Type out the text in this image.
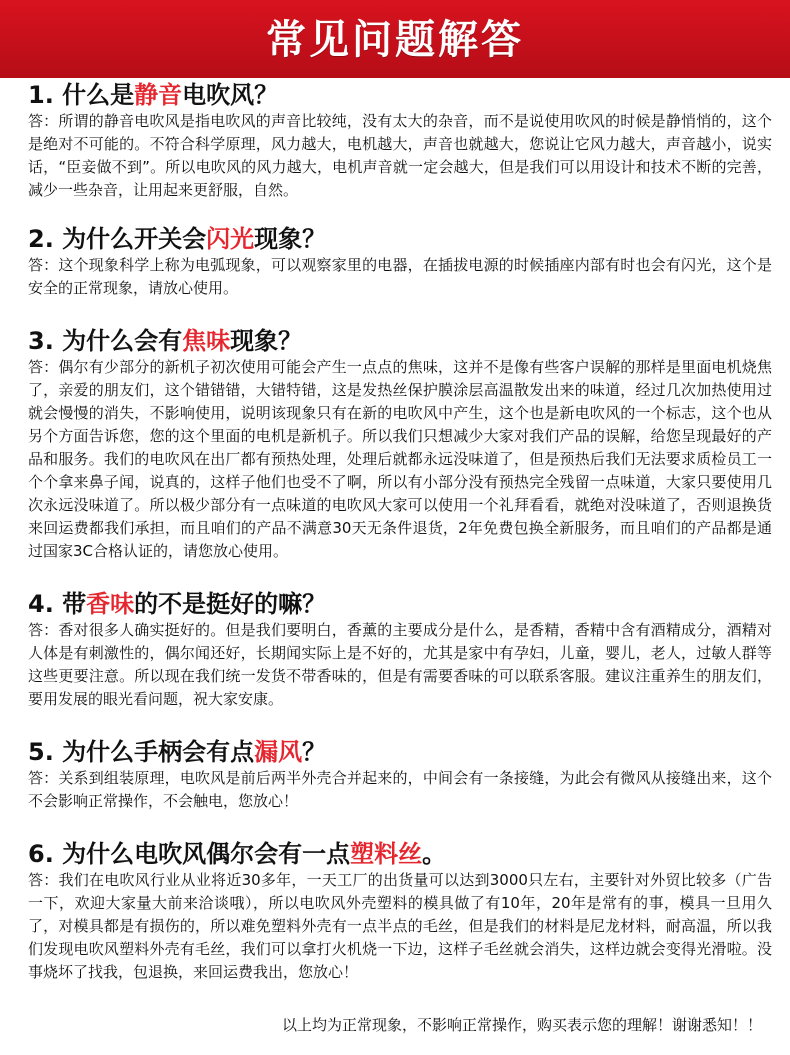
常见问题解答
1. 什么是静音电吹风？

答：所谓的静音电吹风是指电吹风的声音比较纯，没有太大的杂音，而不是说使用吹风的时候是静悄悄的，这个是绝对不可能的。不符合科学原理，风力越大，电机越大，声音也就越大，您说让它风力越大，声音越小，说实话，“臣妾做不到”。所以电吹风的风力越大，电机声音就一定会越大，但是我们可以用设计和技术不断的完善，减少一些杂音，让用起来更舒服，自然。

2. 为什么开关会闪光现象？

答：这个现象科学上称为电弧现象，可以观察家里的电器，在插拔电源的时候插座内部有时也会有闪光，这个是安全的正常现象，请放心使用。

3. 为什么会有焦味现象？

答：偶尔有少部分的新机子初次使用可能会产生一点点的焦味，这并不是像有些客户误解的那样是里面电机烧焦了，亲爱的朋友们，这个错错错，大错特错，这是发热丝保护膜涂层高温散发出来的味道，经过几次加热使用过就会慢慢的消失，不影响使用，说明该现象只有在新的电吹风中产生，这个也是新电吹风的一个标志，这个也从另个方面告诉您，您的这个里面的电机是新机子。所以我们只想减少大家对我们产品的误解，给您呈现最好的产品和服务。我们的电吹风在出厂都有预热处理，处理后就都永远没味道了，但是预热后我们无法要求质检员工一个个拿来鼻子闻，说真的，这样子他们也受不了啊，所以有小部分没有预热完全残留一点味道，大家只要使用几次永远没味道了。所以极少部分有一点味道的电吹风大家可以使用一个礼拜看看，就绝对没味道了，否则退换货来回运费都我们承担，而且咱们的产品不满意30天无条件退货，2年免费包换全新服务，而且咱们的产品都是通过国家3C合格认证的，请您放心使用。

4. 带香味的不是挺好的嘛？

答：香对很多人确实挺好的。但是我们要明白，香薰的主要成分是什么，是香精，香精中含有酒精成分，酒精对人体是有刺激性的，偶尔闻还好，长期闻实际上是不好的，尤其是家中有孕妇，儿童，婴儿，老人，过敏人群等这些更要注意。所以现在我们统一发货不带香味的，但是有需要香味的可以联系客服。建议注重养生的朋友们，要用发展的眼光看问题，祝大家安康。

5. 为什么手柄会有点漏风？

答：关系到组装原理，电吹风是前后两半外壳合并起来的，中间会有一条接缝，为此会有微风从接缝出来，这个不会影响正常操作，不会触电，您放心！

6. 为什么电吹风偶尔会有一点塑料丝。

答：我们在电吹风行业从业将近30多年，一天工厂的出货量可以达到3000只左右，主要针对外贸比较多（广告一下，欢迎大家量大前来洽谈哦），所以电吹风外壳塑料的模具做了有10年，20年是常有的事，模具一旦用久了，对模具都是有损伤的，所以难免塑料外壳有一点半点的毛丝，但是我们的材料是尼龙材料，耐高温，所以我们发现电吹风塑料外壳有毛丝，我们可以拿打火机烧一下边，这样子毛丝就会消失，这样边就会变得光滑啦。没事烧坏了找我，包退换，来回运费我出，您放心！

以上均为正常现象，不影响正常操作，购买表示您的理解！谢谢悉知！！
